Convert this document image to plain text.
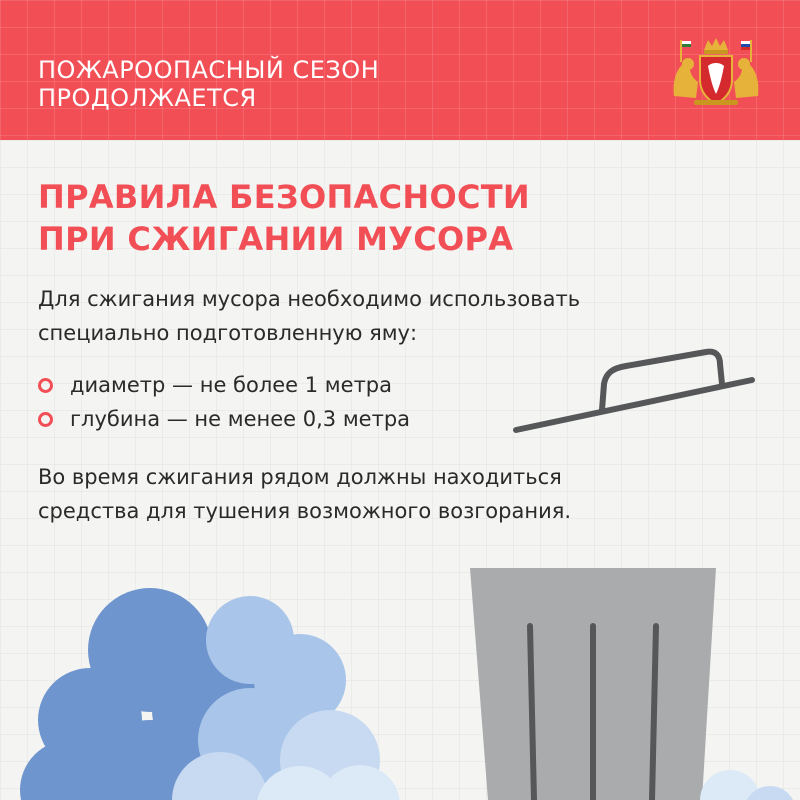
ПОЖАРООПАСНЫЙ СЕЗОН
ПРОДОЛЖАЕТСЯ
ПРАВИЛА БЕЗОПАСНОСТИ
ПРИ СЖИГАНИИ МУСОРА
Для сжигания мусора необходимо использовать
специально подготовленную яму:
диаметр — не более 1 метра
глубина — не менее 0,3 метра
Во время сжигания рядом должны находиться
средства для тушения возможного возгорания.
